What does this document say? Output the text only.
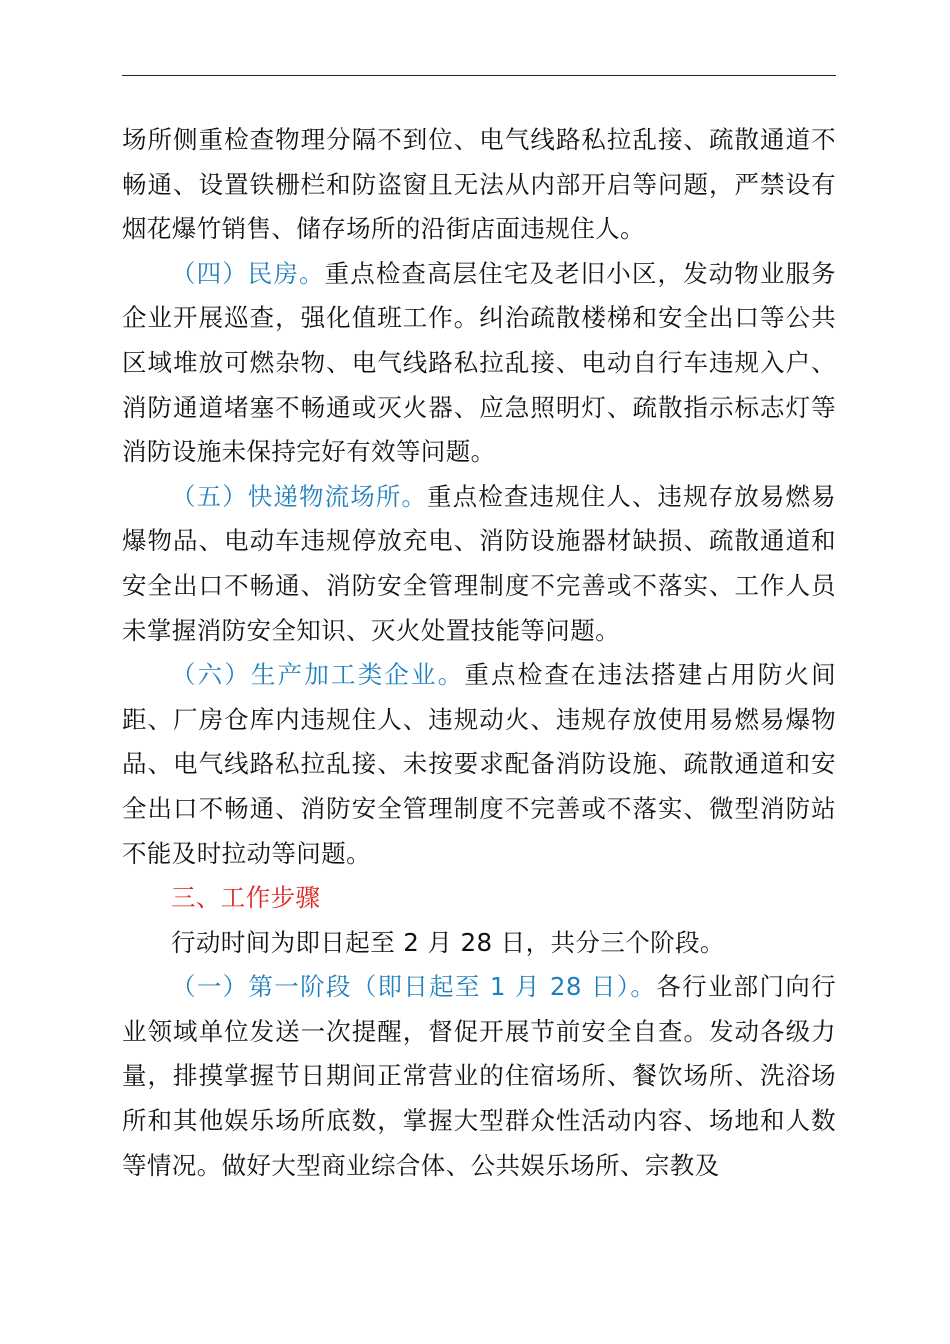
场所侧重检查物理分隔不到位、电气线路私拉乱接、疏散通道不畅通、设置铁栅栏和防盗窗且无法从内部开启等问题，严禁设有烟花爆竹销售、储存场所的沿街店面违规住人。

（四）民房。重点检查高层住宅及老旧小区，发动物业服务企业开展巡查，强化值班工作。纠治疏散楼梯和安全出口等公共区域堆放可燃杂物、电气线路私拉乱接、电动自行车违规入户、消防通道堵塞不畅通或灭火器、应急照明灯、疏散指示标志灯等消防设施未保持完好有效等问题。

（五）快递物流场所。重点检查违规住人、违规存放易燃易爆物品、电动车违规停放充电、消防设施器材缺损、疏散通道和安全出口不畅通、消防安全管理制度不完善或不落实、工作人员未掌握消防安全知识、灭火处置技能等问题。

（六）生产加工类企业。重点检查在违法搭建占用防火间距、厂房仓库内违规住人、违规动火、违规存放使用易燃易爆物品、电气线路私拉乱接、未按要求配备消防设施、疏散通道和安全出口不畅通、消防安全管理制度不完善或不落实、微型消防站不能及时拉动等问题。

三、工作步骤

行动时间为即日起至 2 月 28 日，共分三个阶段。

（一）第一阶段（即日起至 1 月 28 日）。各行业部门向行业领域单位发送一次提醒，督促开展节前安全自查。发动各级力量，排摸掌握节日期间正常营业的住宿场所、餐饮场所、洗浴场所和其他娱乐场所底数，掌握大型群众性活动内容、场地和人数等情况。做好大型商业综合体、公共娱乐场所、宗教及
